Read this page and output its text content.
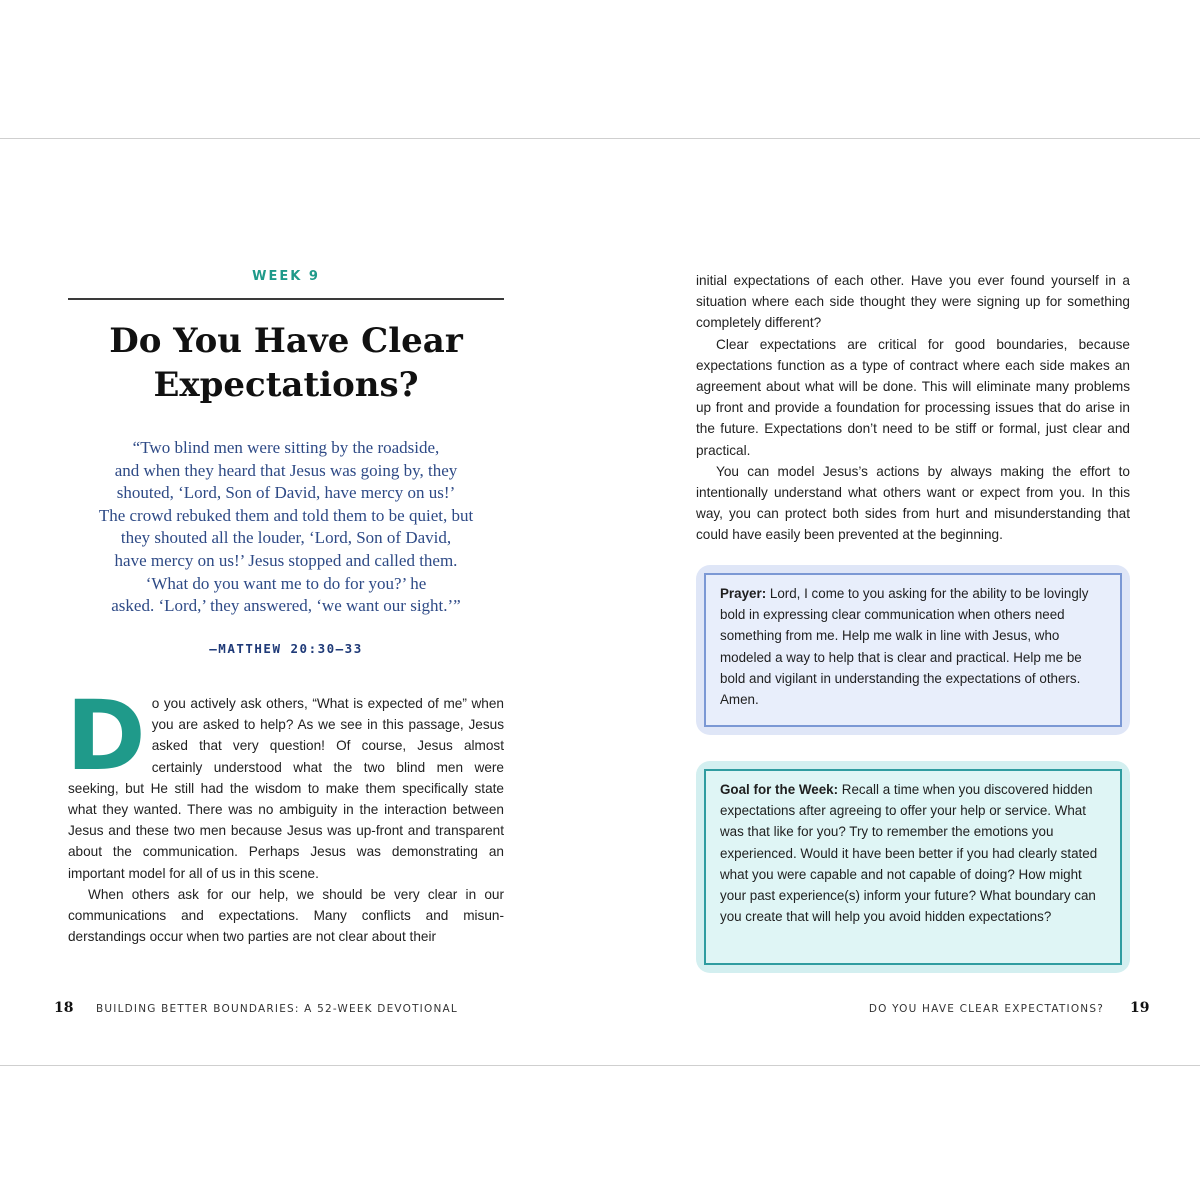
WEEK 9
Do You Have Clear
Expectations?
“Two blind men were sitting by the roadside,
and when they heard that Jesus was going by, they
shouted, ‘Lord, Son of David, have mercy on us!’
The crowd rebuked them and told them to be quiet, but
they shouted all the louder, ‘Lord, Son of David,
have mercy on us!’ Jesus stopped and called them.
‘What do you want me to do for you?’ he
asked. ‘Lord,’ they answered, ‘we want our sight.’”
—MATTHEW 20:30–33

Do you actively ask others, “What is expected of me” when you are asked to help? As we see in this passage, Jesus asked that very question! Of course, Jesus almost certainly understood what the two blind men were seeking, but He still had the wisdom to make them specifically state what they wanted. There was no ambiguity in the interaction between Jesus and these two men because Jesus was up-front and transparent about the communication. Perhaps Jesus was demonstrating an important model for all of us in this scene.

When others ask for our help, we should be very clear in our communications and expectations. Many conflicts and misunderstandings occur when two parties are not clear about their

18 BUILDING BETTER BOUNDARIES: A 52-WEEK DEVOTIONAL

initial expectations of each other. Have you ever found yourself in a situation where each side thought they were signing up for something completely different?

Clear expectations are critical for good boundaries, because expectations function as a type of contract where each side makes an agreement about what will be done. This will eliminate many problems up front and provide a foundation for processing issues that do arise in the future. Expectations don’t need to be stiff or formal, just clear and practical.

You can model Jesus’s actions by always making the effort to intentionally understand what others want or expect from you. In this way, you can protect both sides from hurt and misunderstanding that could have easily been prevented at the beginning.

Prayer: Lord, I come to you asking for the ability to be lovingly bold in expressing clear communication when others need something from me. Help me walk in line with Jesus, who modeled a way to help that is clear and practical. Help me be bold and vigilant in understanding the expectations of others. Amen.
Goal for the Week: Recall a time when you discovered hidden expectations after agreeing to offer your help or service. What was that like for you? Try to remember the emotions you experienced. Would it have been better if you had clearly stated what you were capable and not capable of doing? How might your past experience(s) inform your future? What boundary can you create that will help you avoid hidden expectations?
DO YOU HAVE CLEAR EXPECTATIONS? 19
